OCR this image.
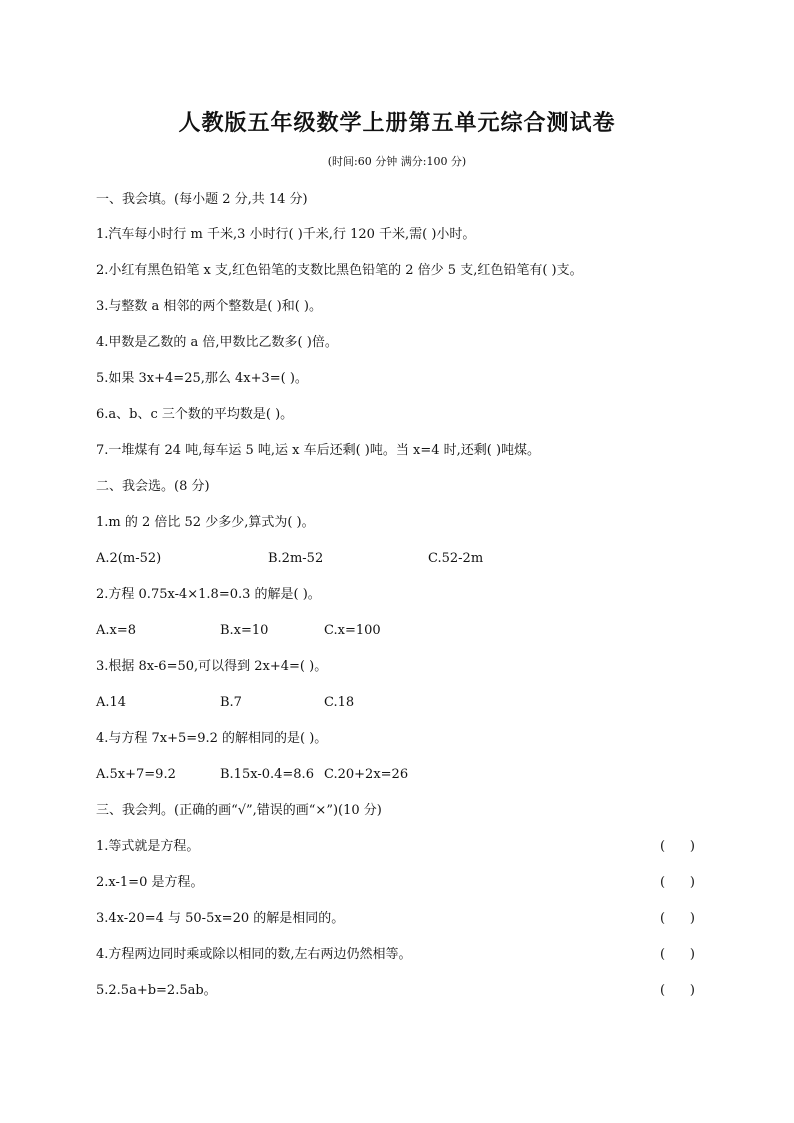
人教版五年级数学上册第五单元综合测试卷
(时间:60 分钟 满分:100 分)
一、我会填。(每小题 2 分,共 14 分)
1.汽车每小时行 m 千米,3 小时行( )千米,行 120 千米,需( )小时。
2.小红有黑色铅笔 x 支,红色铅笔的支数比黑色铅笔的 2 倍少 5 支,红色铅笔有( )支。
3.与整数 a 相邻的两个整数是( )和( )。
4.甲数是乙数的 a 倍,甲数比乙数多( )倍。
5.如果 3x+4=25,那么 4x+3=( )。
6.a、b、c 三个数的平均数是( )。
7.一堆煤有 24 吨,每车运 5 吨,运 x 车后还剩( )吨。当 x=4 时,还剩( )吨煤。
二、我会选。(8 分)
1.m 的 2 倍比 52 少多少,算式为( )。
A.2(m-52)	B.2m-52	C.52-2m
2.方程 0.75x-4×1.8=0.3 的解是( )。
A.x=8	B.x=10	C.x=100
3.根据 8x-6=50,可以得到 2x+4=( )。
A.14	B.7	C.18
4.与方程 7x+5=9.2 的解相同的是( )。
A.5x+7=9.2	B.15x-0.4=8.6 C.20+2x=26
三、我会判。(正确的画“√”,错误的画“×”)(10 分)
1.等式就是方程。	(      )
2.x-1=0 是方程。	(      )
3.4x-20=4 与 50-5x=20 的解是相同的。	(      )
4.方程两边同时乘或除以相同的数,左右两边仍然相等。	(      )
5.2.5a+b=2.5ab。	(      )
